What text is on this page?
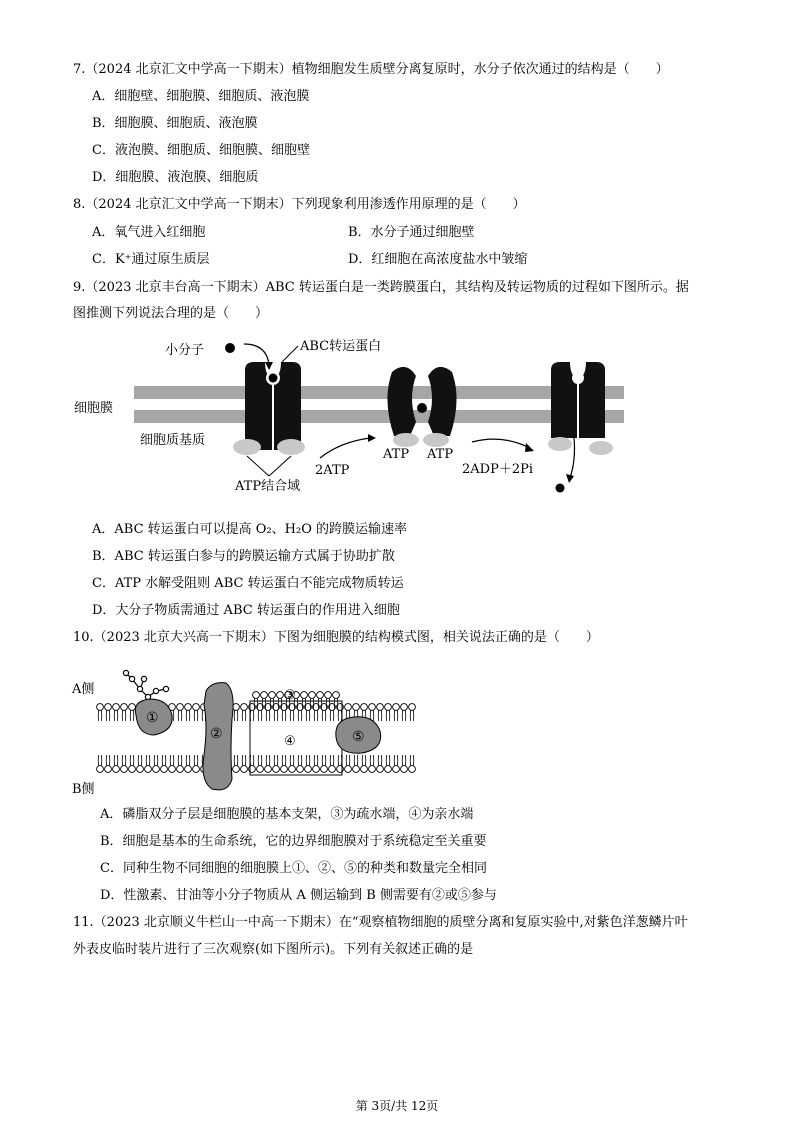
7.（2024 北京汇文中学高一下期末）植物细胞发生质壁分离复原时，水分子依次通过的结构是（　　）
A．细胞壁、细胞膜、细胞质、液泡膜
B．细胞膜、细胞质、液泡膜
C．液泡膜、细胞质、细胞膜、细胞壁
D．细胞膜、液泡膜、细胞质
8.（2024 北京汇文中学高一下期末）下列现象利用渗透作用原理的是（　　）
A．氧气进入红细胞	B．水分子通过细胞壁
C．K⁺通过原生质层	D．红细胞在高浓度盐水中皱缩
9.（2023 北京丰台高一下期末）ABC 转运蛋白是一类跨膜蛋白，其结构及转运物质的过程如下图所示。据
图推测下列说法合理的是（　　）
小分子	ABC转运蛋白
细胞膜
细胞质基质
ATP结合域
2ATP
ATP ATP
2ADP＋2Pi
A．ABC 转运蛋白可以提高 O₂、H₂O 的跨膜运输速率
B．ABC 转运蛋白参与的跨膜运输方式属于协助扩散
C．ATP 水解受阻则 ABC 转运蛋白不能完成物质转运
D．大分子物质需通过 ABC 转运蛋白的作用进入细胞
10.（2023 北京大兴高一下期末）下图为细胞膜的结构模式图，相关说法正确的是（　　）
A侧
B侧
①
②
③
④	⑤
A．磷脂双分子层是细胞膜的基本支架，③为疏水端，④为亲水端
B．细胞是基本的生命系统，它的边界细胞膜对于系统稳定至关重要
C．同种生物不同细胞的细胞膜上①、②、⑤的种类和数量完全相同
D．性激素、甘油等小分子物质从 A 侧运输到 B 侧需要有②或⑤参与
11.（2023 北京顺义牛栏山一中高一下期末）在“观察植物细胞的质壁分离和复原实验中,对紫色洋葱鳞片叶
外表皮临时装片进行了三次观察(如下图所示)。下列有关叙述正确的是
第 3页/共 12页
